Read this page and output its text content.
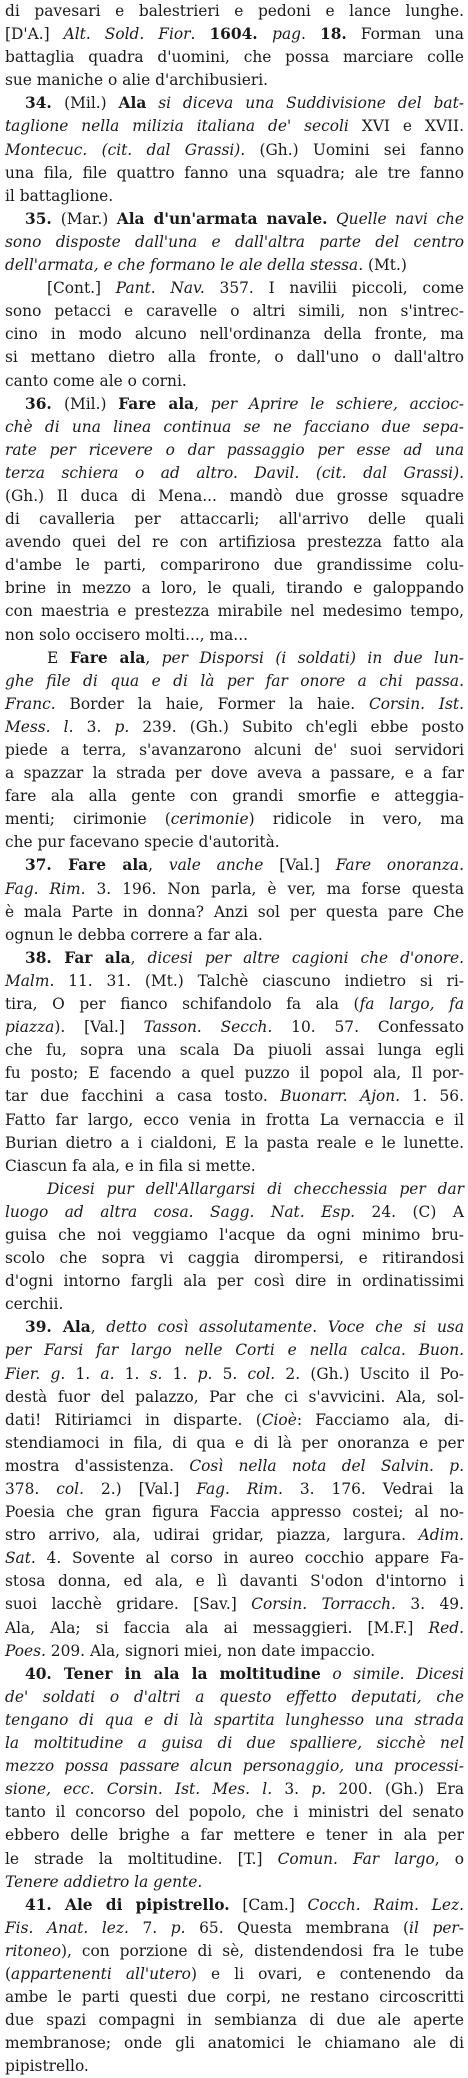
di pavesari e balestrieri e pedoni e lance lunghe.
[D'A.] Alt. Sold. Fior. 1604. pag. 18. Forman una
battaglia quadra d'uomini, che possa marciare colle
sue maniche o alie d'archibusieri.
34. (Mil.) Ala si diceva una Suddivisione del bat-
taglione nella milizia italiana de' secoli XVI e XVII.
Montecuc. (cit. dal Grassi). (Gh.) Uomini sei fanno
una fila, file quattro fanno una squadra; ale tre fanno
il battaglione.
35. (Mar.) Ala d'un'armata navale. Quelle navi che
sono disposte dall'una e dall'altra parte del centro
dell'armata, e che formano le ale della stessa. (Mt.)
[Cont.] Pant. Nav. 357. I navilii piccoli, come
sono petacci e caravelle o altri simili, non s'intrec-
cino in modo alcuno nell'ordinanza della fronte, ma
si mettano dietro alla fronte, o dall'uno o dall'altro
canto come ale o corni.
36. (Mil.) Fare ala, per Aprire le schiere, accioc-
chè di una linea continua se ne facciano due sepa-
rate per ricevere o dar passaggio per esse ad una
terza schiera o ad altro. Davil. (cit. dal Grassi).
(Gh.) Il duca di Mena... mandò due grosse squadre
di cavalleria per attaccarli; all'arrivo delle quali
avendo quei del re con artifiziosa prestezza fatto ala
d'ambe le parti, comparirono due grandissime colu-
brine in mezzo a loro, le quali, tirando e galoppando
con maestria e prestezza mirabile nel medesimo tempo,
non solo occisero molti..., ma...
E Fare ala, per Disporsi (i soldati) in due lun-
ghe file di qua e di là per far onore a chi passa.
Franc. Border la haie, Former la haie. Corsin. Ist.
Mess. l. 3. p. 239. (Gh.) Subito ch'egli ebbe posto
piede a terra, s'avanzarono alcuni de' suoi servidori
a spazzar la strada per dove aveva a passare, e a far
fare ala alla gente con grandi smorfie e atteggia-
menti; cirimonie (cerimonie) ridicole in vero, ma
che pur facevano specie d'autorità.
37. Fare ala, vale anche [Val.] Fare onoranza.
Fag. Rim. 3. 196. Non parla, è ver, ma forse questa
è mala Parte in donna? Anzi sol per questa pare Che
ognun le debba correre a far ala.
38. Far ala, dicesi per altre cagioni che d'onore.
Malm. 11. 31. (Mt.) Talchè ciascuno indietro si ri-
tira, O per fianco schifandolo fa ala (fa largo, fa
piazza). [Val.] Tasson. Secch. 10. 57. Confessato
che fu, sopra una scala Da piuoli assai lunga egli
fu posto; E facendo a quel puzzo il popol ala, Il por-
tar due facchini a casa tosto. Buonarr. Ajon. 1. 56.
Fatto far largo, ecco venia in frotta La vernaccia e il
Burian dietro a i cialdoni, E la pasta reale e le lunette.
Ciascun fa ala, e in fila si mette.
Dicesi pur dell'Allargarsi di checchessia per dar
luogo ad altra cosa. Sagg. Nat. Esp. 24. (C) A
guisa che noi veggiamo l'acque da ogni minimo bru-
scolo che sopra vi caggia dirompersi, e ritirandosi
d'ogni intorno fargli ala per così dire in ordinatissimi
cerchii.
39. Ala, detto così assolutamente. Voce che si usa
per Farsi far largo nelle Corti e nella calca. Buon.
Fier. g. 1. a. 1. s. 1. p. 5. col. 2. (Gh.) Uscito il Po-
destà fuor del palazzo, Par che ci s'avvicini. Ala, sol-
dati! Ritiriamci in disparte. (Cioè: Facciamo ala, di-
stendiamoci in fila, di qua e di là per onoranza e per
mostra d'assistenza. Così nella nota del Salvin. p.
378. col. 2.) [Val.] Fag. Rim. 3. 176. Vedrai la
Poesia che gran figura Faccia appresso costei; al no-
stro arrivo, ala, udirai gridar, piazza, largura. Adim.
Sat. 4. Sovente al corso in aureo cocchio appare Fa-
stosa donna, ed ala, e lì davanti S'odon d'intorno i
suoi lacchè gridare. [Sav.] Corsin. Torracch. 3. 49.
Ala, Ala; si faccia ala ai messaggieri. [M.F.] Red.
Poes. 209. Ala, signori miei, non date impaccio.
40. Tener in ala la moltitudine o simile. Dicesi
de' soldati o d'altri a questo effetto deputati, che
tengano di qua e di là spartita lunghesso una strada
la moltitudine a guisa di due spalliere, sicchè nel
mezzo possa passare alcun personaggio, una processi-
sione, ecc. Corsin. Ist. Mes. l. 3. p. 200. (Gh.) Era
tanto il concorso del popolo, che i ministri del senato
ebbero delle brighe a far mettere e tener in ala per
le strade la moltitudine. [T.] Comun. Far largo, o
Tenere addietro la gente.
41. Ale di pipistrello. [Cam.] Cocch. Raim. Lez.
Fis. Anat. lez. 7. p. 65. Questa membrana (il per-
ritoneo), con porzione di sè, distendendosi fra le tube
(appartenenti all'utero) e li ovari, e contenendo da
ambe le parti questi due corpi, ne restano circoscritti
due spazi compagni in sembianza di due ale aperte
membranose; onde gli anatomici le chiamano ale di
pipistrello.
